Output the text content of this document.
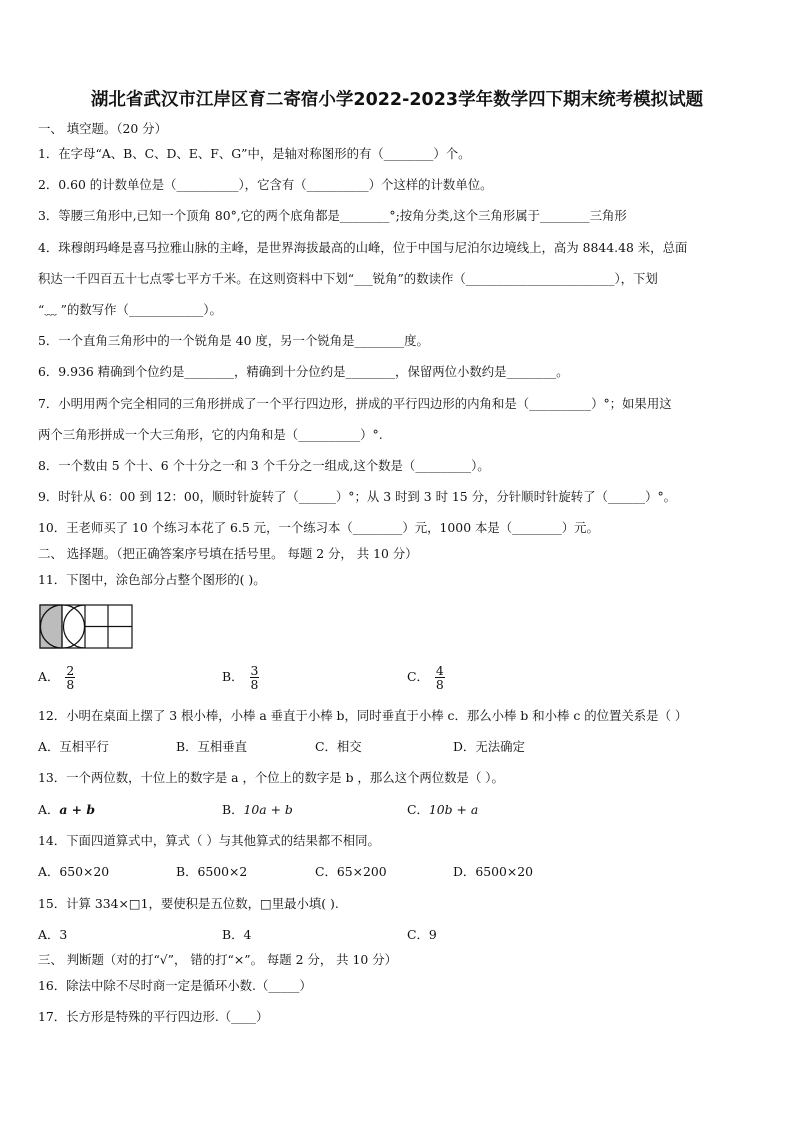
湖北省武汉市江岸区育二寄宿小学2022-2023学年数学四下期末统考模拟试题
一、 填空题。（20 分）
1．在字母“A、B、C、D、E、F、G”中，是轴对称图形的有（________）个。
2．0.60 的计数单位是（__________），它含有（__________）个这样的计数单位。
3．等腰三角形中,已知一个顶角 80°,它的两个底角都是________°;按角分类,这个三角形属于________三角形
4．珠穆朗玛峰是喜马拉雅山脉的主峰，是世界海拔最高的山峰，位于中国与尼泊尔边境线上，高为 8844.48 米，总面
积达一千四百五十七点零七平方千米。在这则资料中下划“___锐角”的数读作（________________________），下划
“﹏ ”的数写作（____________）。
5．一个直角三角形中的一个锐角是 40 度，另一个锐角是________度。
6．9.936 精确到个位约是________，精确到十分位约是________，保留两位小数约是________。
7．小明用两个完全相同的三角形拼成了一个平行四边形，拼成的平行四边形的内角和是（__________）°；如果用这
两个三角形拼成一个大三角形，它的内角和是（__________）°.
8．一个数由 5 个十、6 个十分之一和 3 个千分之一组成,这个数是（_________）。
9．时针从 6：00 到 12：00，顺时针旋转了（______）°；从 3 时到 3 时 15 分，分针顺时针旋转了（______）°。
10．王老师买了 10 个练习本花了 6.5 元，一个练习本（________）元，1000 本是（________）元。
二、 选择题。（把正确答案序号填在括号里。 每题 2 分， 共 10 分）
11．下图中，涂色部分占整个图形的( )。
A． $\frac{2}{8}$	B． $\frac{3}{8}$	C． $\frac{4}{8}$
12．小明在桌面上摆了 3 根小棒，小棒 a 垂直于小棒 b，同时垂直于小棒 c．那么小棒 b 和小棒 c 的位置关系是（ ）
A．互相平行	B．互相垂直	C．相交	D．无法确定
13．一个两位数，十位上的数字是 a ，个位上的数字是 b ，那么这个两位数是（ ）。
A．a + b	B．10a + b	C．10b + a
14．下面四道算式中，算式（ ）与其他算式的结果都不相同。
A．650×20	B．6500×2	C．65×200	D．6500×20
15．计算 334×□1，要使积是五位数，□里最小填( ).
A．3	B．4	C．9
三、 判断题（对的打“√”， 错的打“×”。 每题 2 分， 共 10 分）
16．除法中除不尽时商一定是循环小数.（_____）
17．长方形是特殊的平行四边形.（____）
